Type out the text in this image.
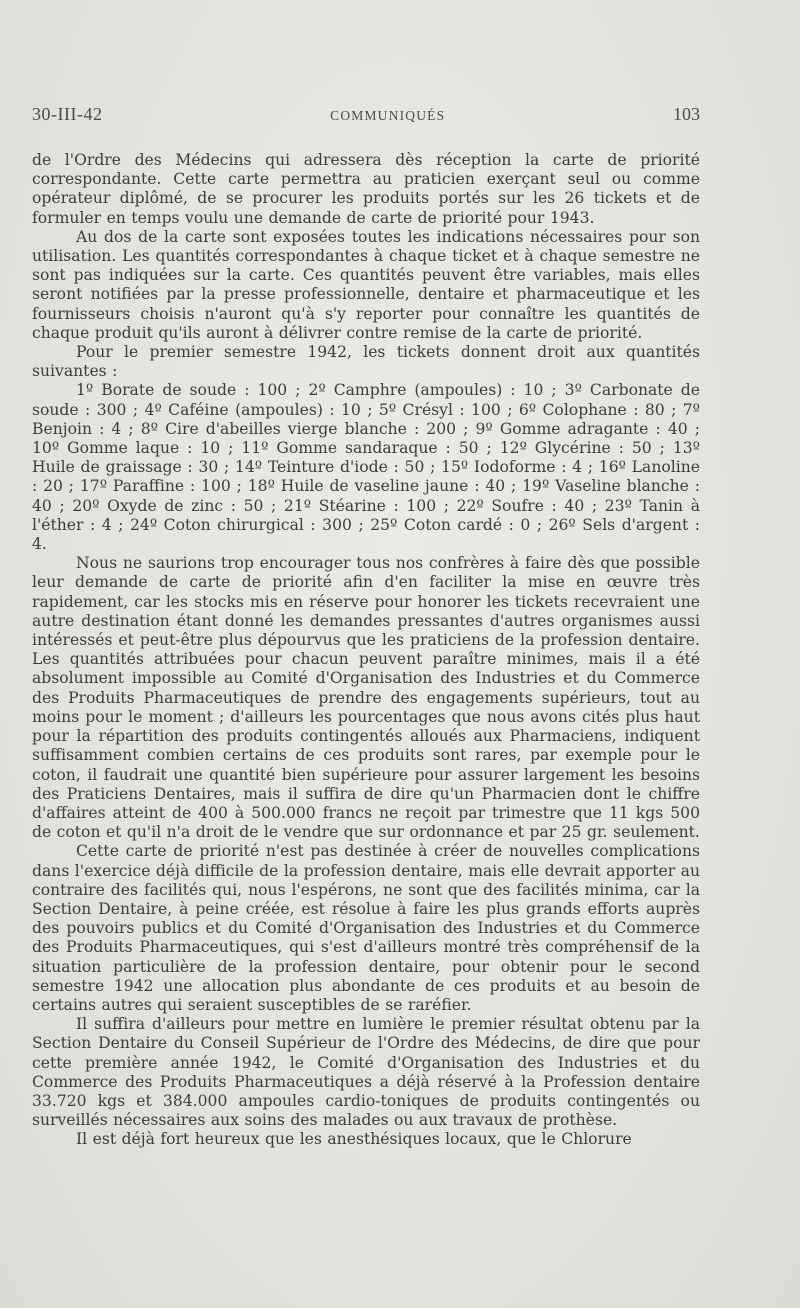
30-III-42	COMMUNIQUÉS	103

de l'Ordre des Médecins qui adressera dès réception la carte de priorité correspondante. Cette carte permettra au praticien exerçant seul ou comme opérateur diplômé, de se procurer les produits portés sur les 26 tickets et de formuler en temps voulu une demande de carte de priorité pour 1943.

Au dos de la carte sont exposées toutes les indications nécessaires pour son utilisation. Les quantités correspondantes à chaque ticket et à chaque semestre ne sont pas indiquées sur la carte. Ces quantités peuvent être variables, mais elles seront notifiées par la presse professionnelle, dentaire et pharmaceutique et les fournisseurs choisis n'auront qu'à s'y reporter pour connaître les quantités de chaque produit qu'ils auront à délivrer contre remise de la carte de priorité.

Pour le premier semestre 1942, les tickets donnent droit aux quantités suivantes :

1º Borate de soude : 100 ; 2º Camphre (ampoules) : 10 ; 3º Carbonate de soude : 300 ; 4º Caféine (ampoules) : 10 ; 5º Crésyl : 100 ; 6º Colophane : 80 ; 7º Benjoin : 4 ; 8º Cire d'abeilles vierge blanche : 200 ; 9º Gomme adragante : 40 ; 10º Gomme laque : 10 ; 11º Gomme sandaraque : 50 ; 12º Glycérine : 50 ; 13º Huile de graissage : 30 ; 14º Teinture d'iode : 50 ; 15º Iodoforme : 4 ; 16º Lanoline : 20 ; 17º Paraffine : 100 ; 18º Huile de vaseline jaune : 40 ; 19º Vaseline blanche : 40 ; 20º Oxyde de zinc : 50 ; 21º Stéarine : 100 ; 22º Soufre : 40 ; 23º Tanin à l'éther : 4 ; 24º Coton chirurgical : 300 ; 25º Coton cardé : 0 ; 26º Sels d'argent : 4.

Nous ne saurions trop encourager tous nos confrères à faire dès que possible leur demande de carte de priorité afin d'en faciliter la mise en œuvre très rapidement, car les stocks mis en réserve pour honorer les tickets recevraient une autre destination étant donné les demandes pressantes d'autres organismes aussi intéressés et peut-être plus dépourvus que les praticiens de la profession dentaire. Les quantités attribuées pour chacun peuvent paraître minimes, mais il a été absolument impossible au Comité d'Organisation des Industries et du Commerce des Produits Pharmaceutiques de prendre des engagements supérieurs, tout au moins pour le moment ; d'ailleurs les pourcentages que nous avons cités plus haut pour la répartition des produits contingentés alloués aux Pharmaciens, indiquent suffisamment combien certains de ces produits sont rares, par exemple pour le coton, il faudrait une quantité bien supérieure pour assurer largement les besoins des Praticiens Dentaires, mais il suffira de dire qu'un Pharmacien dont le chiffre d'affaires atteint de 400 à 500.000 francs ne reçoit par trimestre que 11 kgs 500 de coton et qu'il n'a droit de le vendre que sur ordonnance et par 25 gr. seulement.

Cette carte de priorité n'est pas destinée à créer de nouvelles complications dans l'exercice déjà difficile de la profession dentaire, mais elle devrait apporter au contraire des facilités qui, nous l'espérons, ne sont que des facilités minima, car la Section Dentaire, à peine créée, est résolue à faire les plus grands efforts auprès des pouvoirs publics et du Comité d'Organisation des Industries et du Commerce des Produits Pharmaceutiques, qui s'est d'ailleurs montré très compréhensif de la situation particulière de la profession dentaire, pour obtenir pour le second semestre 1942 une allocation plus abondante de ces produits et au besoin de certains autres qui seraient susceptibles de se raréfier.

Il suffira d'ailleurs pour mettre en lumière le premier résultat obtenu par la Section Dentaire du Conseil Supérieur de l'Ordre des Médecins, de dire que pour cette première année 1942, le Comité d'Organisation des Industries et du Commerce des Produits Pharmaceutiques a déjà réservé à la Profession dentaire 33.720 kgs et 384.000 ampoules cardio-toniques de produits contingentés ou surveillés nécessaires aux soins des malades ou aux travaux de prothèse.

Il est déjà fort heureux que les anesthésiques locaux, que le Chlorure
